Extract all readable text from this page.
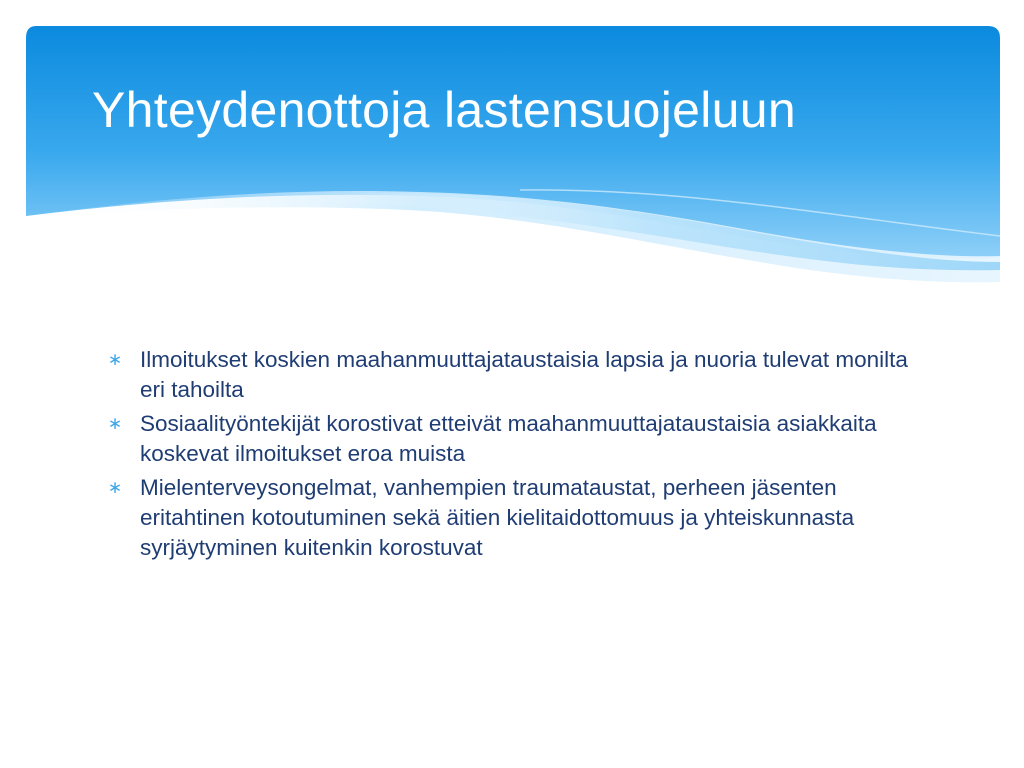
Yhteydenottoja lastensuojeluun
∗ Ilmoitukset koskien maahanmuuttajataustaisia lapsia ja nuoria tulevat monilta eri tahoilta
∗ Sosiaalityöntekijät korostivat etteivät maahanmuuttajataustaisia asiakkaita koskevat ilmoitukset eroa muista
∗ Mielenterveysongelmat, vanhempien traumataustat, perheen jäsenten eritahtinen kotoutuminen sekä äitien kielitaidottomuus ja yhteiskunnasta syrjäytyminen kuitenkin korostuvat
